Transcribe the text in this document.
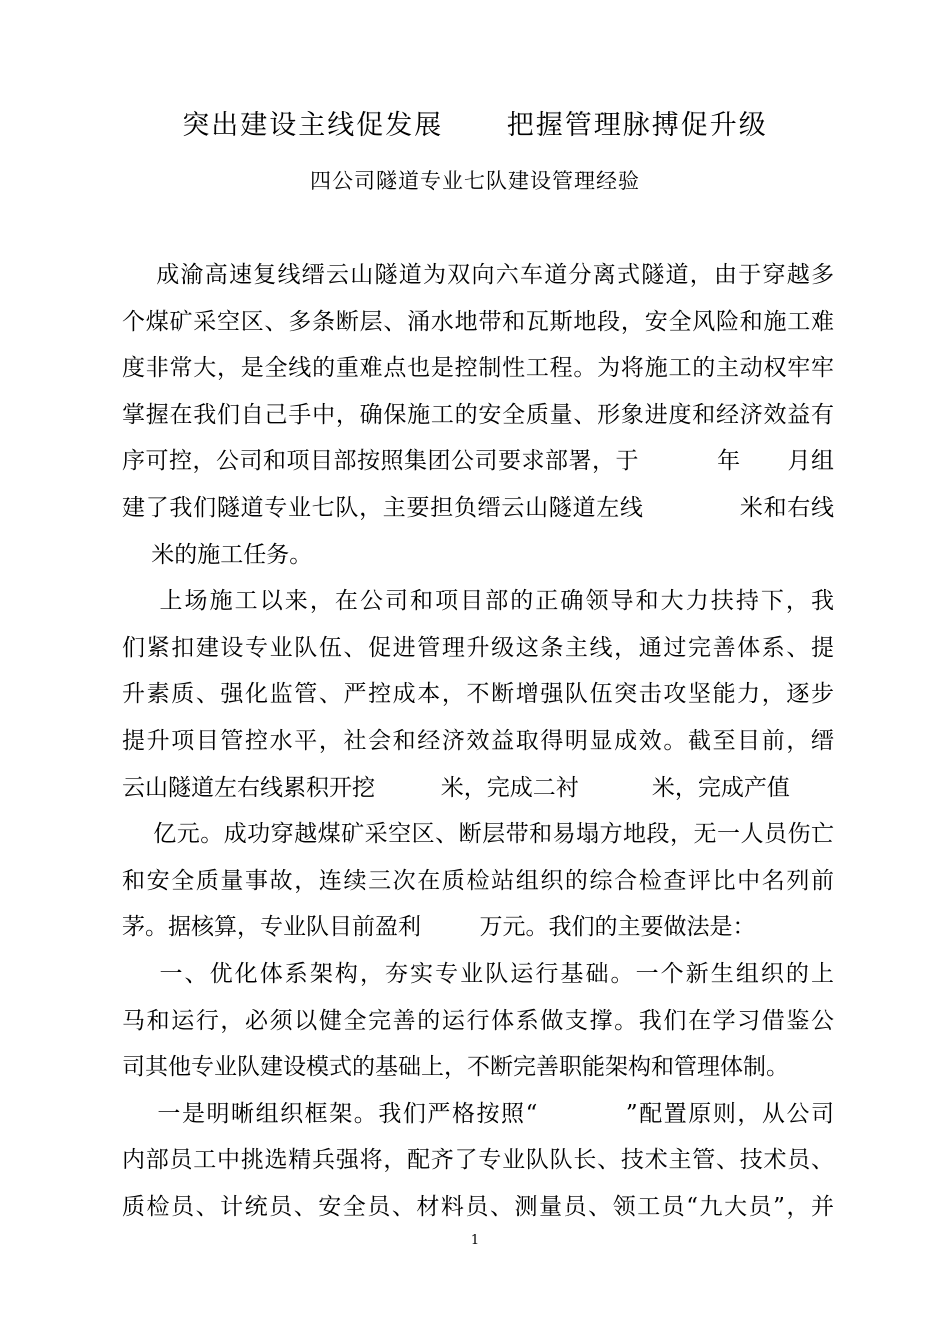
突出建设主线促发展      把握管理脉搏促升级
四公司隧道专业七队建设管理经验
成渝高速复线缙云山隧道为双向六车道分离式隧道，由于穿越多
个煤矿采空区、多条断层、涌水地带和瓦斯地段，安全风险和施工难
度非常大，是全线的重难点也是控制性工程。为将施工的主动权牢牢
掌握在我们自己手中，确保施工的安全质量、形象进度和经济效益有
序可控，公司和项目部按照集团公司要求部署，于          年      月组
建了我们隧道专业七队，主要担负缙云山隧道左线            米和右线
米的施工任务。
上场施工以来，在公司和项目部的正确领导和大力扶持下，我
们紧扣建设专业队伍、促进管理升级这条主线，通过完善体系、提
升素质、强化监管、严控成本，不断增强队伍突击攻坚能力，逐步
提升项目管控水平，社会和经济效益取得明显成效。截至目前，缙
云山隧道左右线累积开挖         米，完成二衬          米，完成产值
亿元。成功穿越煤矿采空区、断层带和易塌方地段，无一人员伤亡
和安全质量事故，连续三次在质检站组织的综合检查评比中名列前
茅。据核算，专业队目前盈利        万元。我们的主要做法是：
一、优化体系架构，夯实专业队运行基础。一个新生组织的上
马和运行，必须以健全完善的运行体系做支撑。我们在学习借鉴公
司其他专业队建设模式的基础上，不断完善职能架构和管理体制。
一是明晰组织框架。我们严格按照“          ”配置原则，从公司
内部员工中挑选精兵强将，配齐了专业队队长、技术主管、技术员、
质检员、计统员、安全员、材料员、测量员、领工员“九大员”，并
1
